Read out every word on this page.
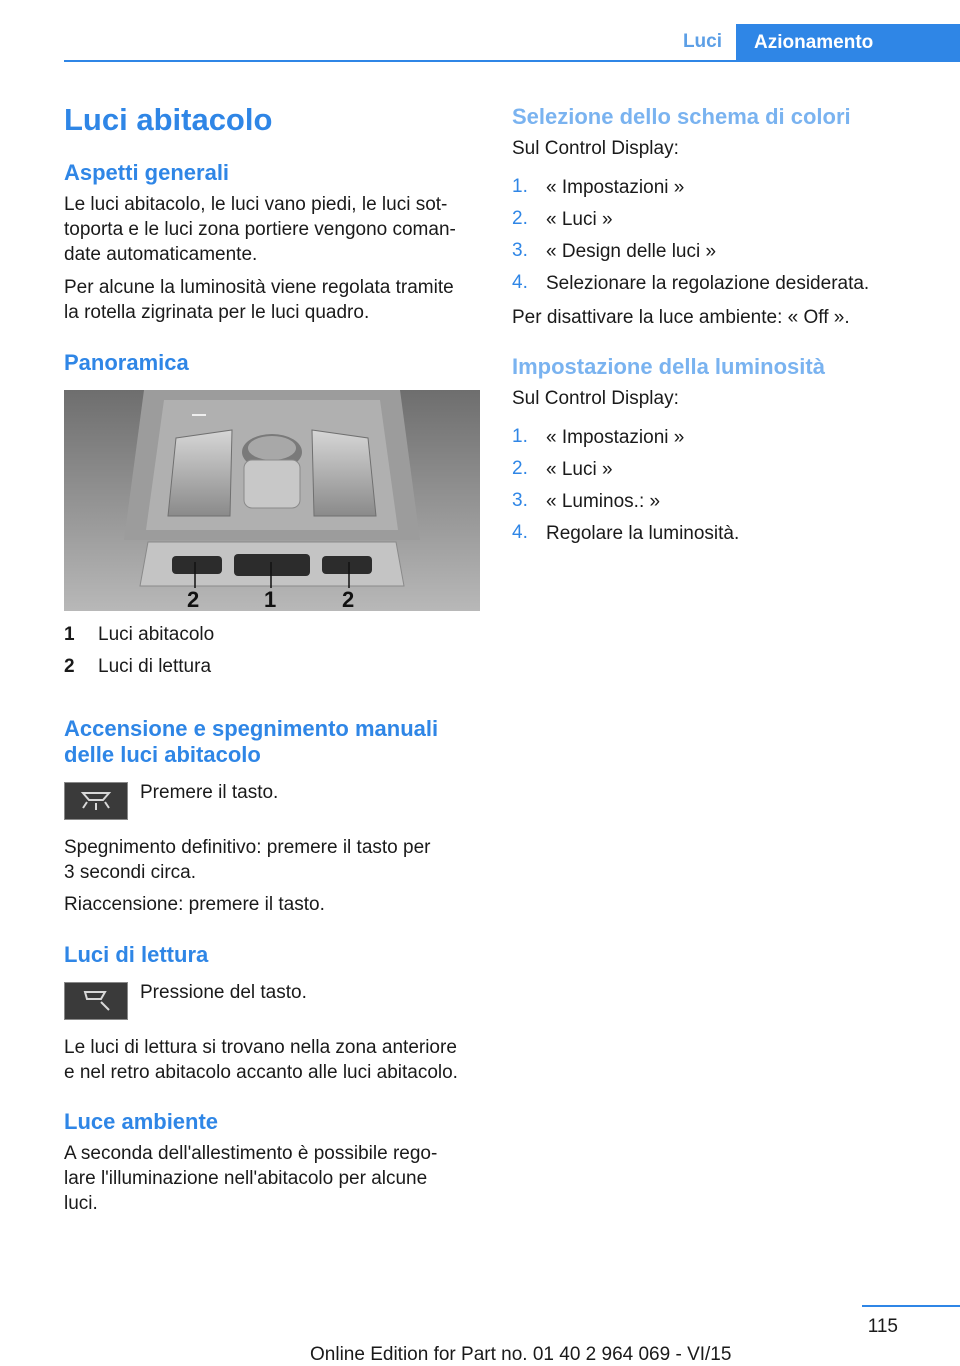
Luci	Azionamento
Luci abitacolo
Aspetti generali
Le luci abitacolo, le luci vano piedi, le luci sot‐
toporta e le luci zona portiere vengono coman‐
date automaticamente.
Per alcune la luminosità viene regolata tramite
la rotella zigrinata per le luci quadro.
Panoramica
2	1	2
1 Luci abitacolo
2 Luci di lettura
Accensione e spegnimento manuali
delle luci abitacolo
Premere il tasto.
Spegnimento definitivo: premere il tasto per
3 secondi circa.
Riaccensione: premere il tasto.
Luci di lettura
Pressione del tasto.
Le luci di lettura si trovano nella zona anteriore
e nel retro abitacolo accanto alle luci abitacolo.
Luce ambiente
A seconda dell'allestimento è possibile rego‐
lare l'illuminazione nell'abitacolo per alcune
luci.
Selezione dello schema di colori
Sul Control Display:
1. « Impostazioni »
2. « Luci »
3. « Design delle luci »
4. Selezionare la regolazione desiderata.
Per disattivare la luce ambiente: « Off ».
Impostazione della luminosità
Sul Control Display:
1. « Impostazioni »
2. « Luci »
3. « Luminos.: »
4. Regolare la luminosità.
115
Online Edition for Part no. 01 40 2 964 069 - VI/15
